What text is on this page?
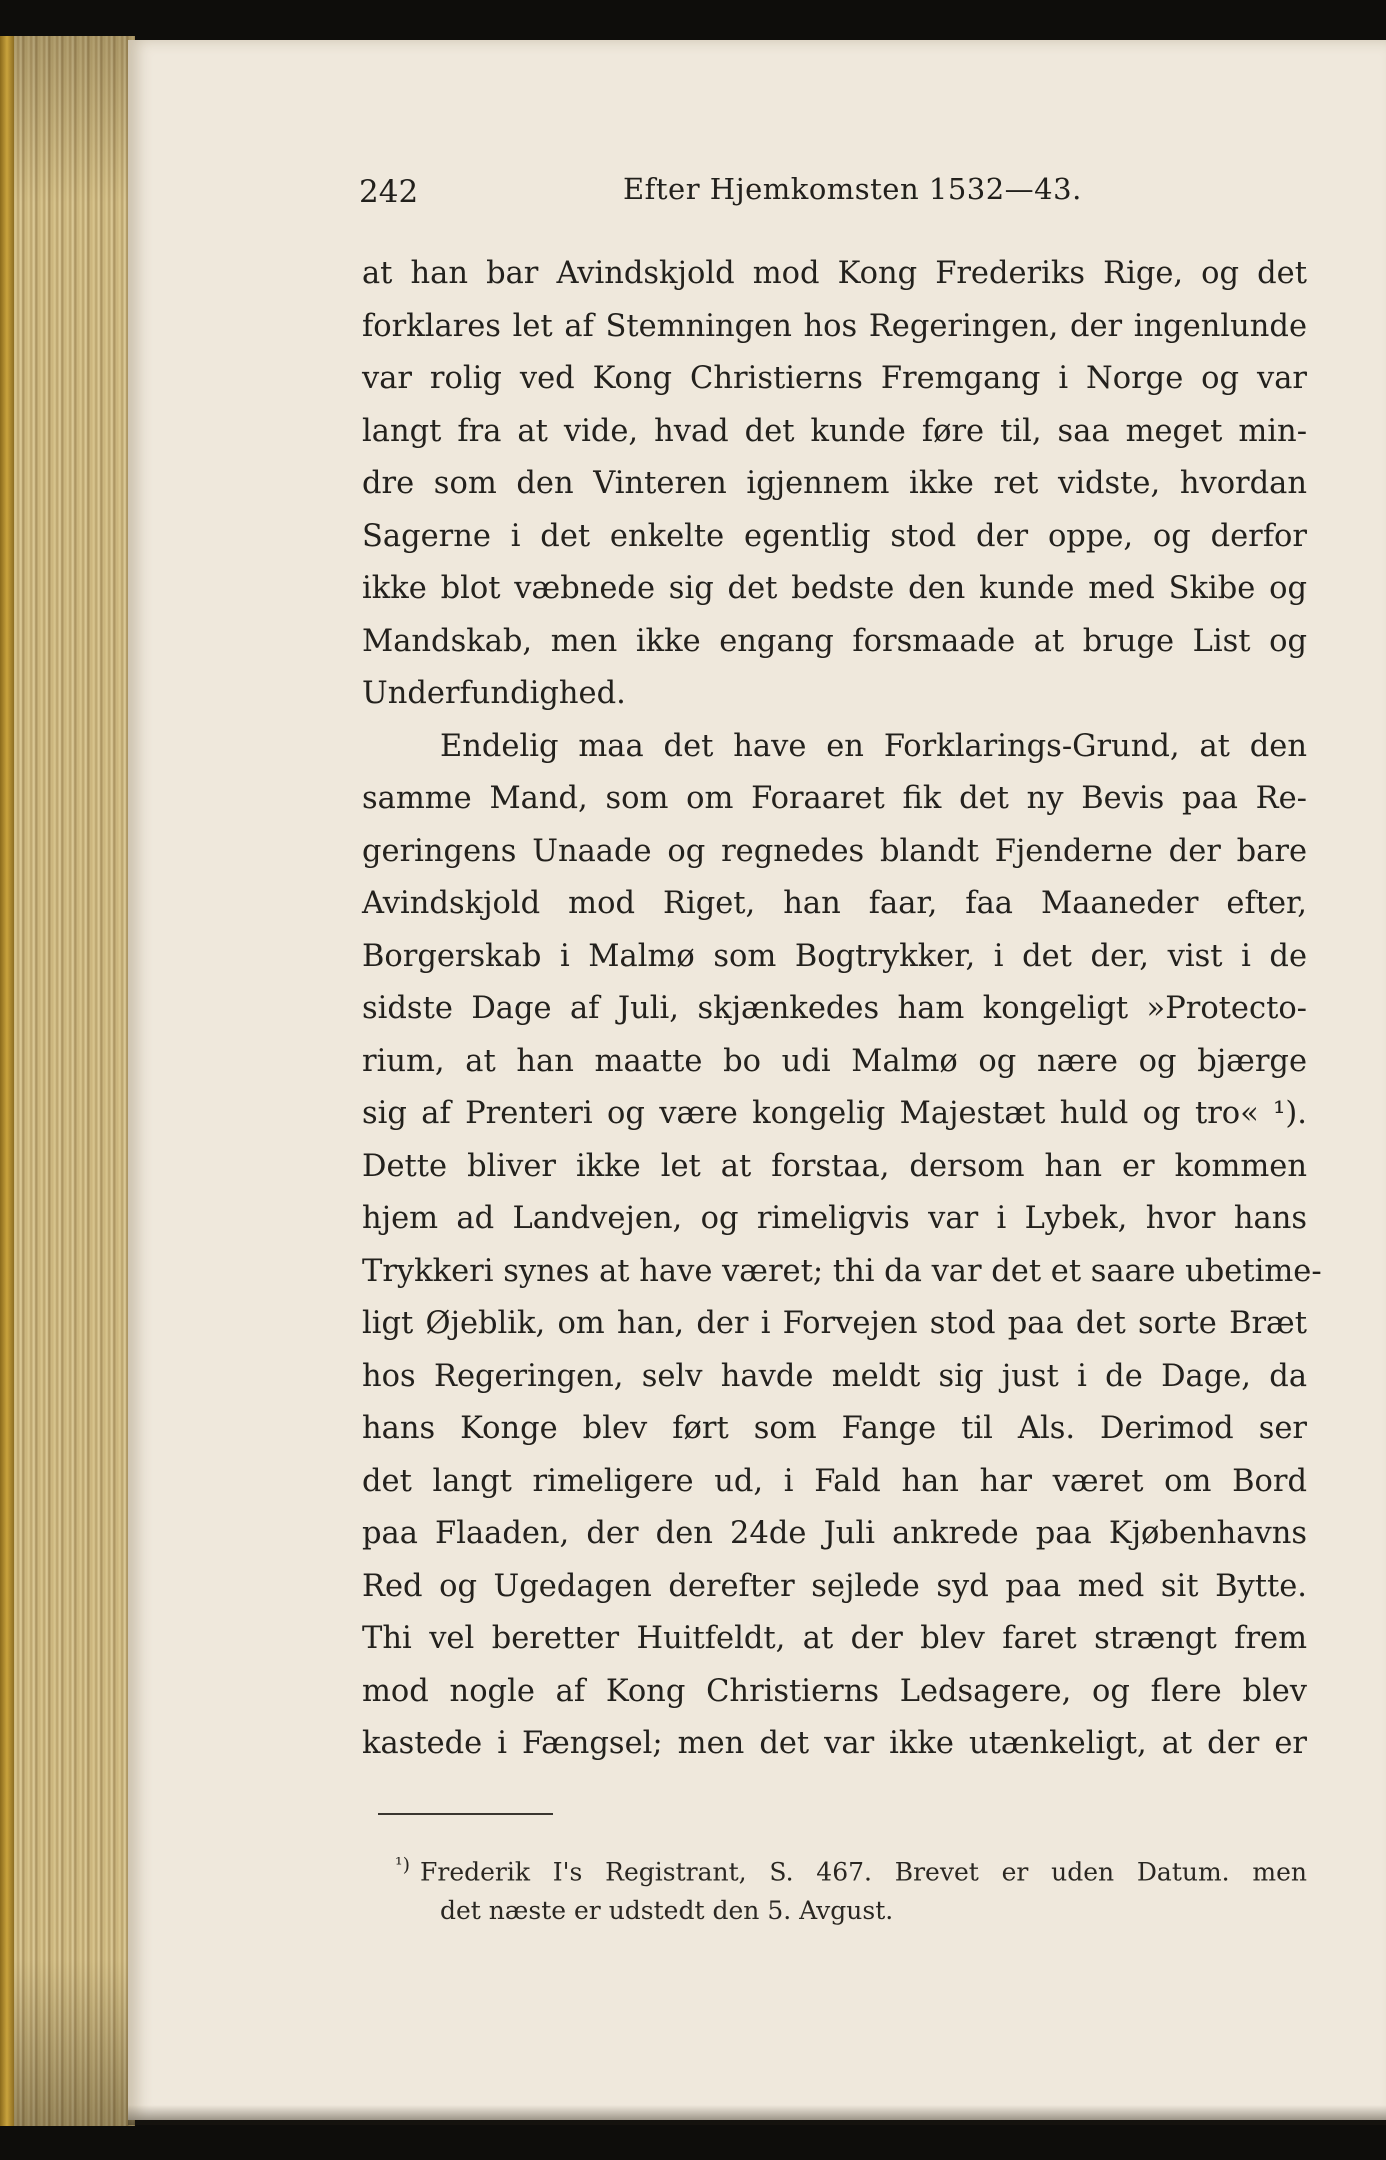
242	Efter Hjemkomsten 1532—43.
at han bar Avindskjold mod Kong Frederiks Rige, og det
forklares let af Stemningen hos Regeringen, der ingenlunde
var rolig ved Kong Christierns Fremgang i Norge og var
langt fra at vide, hvad det kunde føre til, saa meget min-
dre som den Vinteren igjennem ikke ret vidste, hvordan
Sagerne i det enkelte egentlig stod der oppe, og derfor
ikke blot væbnede sig det bedste den kunde med Skibe og
Mandskab, men ikke engang forsmaade at bruge List og
Underfundighed.
Endelig maa det have en Forklarings-Grund, at den
samme Mand, som om Foraaret fik det ny Bevis paa Re-
geringens Unaade og regnedes blandt Fjenderne der bare
Avindskjold mod Riget, han faar, faa Maaneder efter,
Borgerskab i Malmø som Bogtrykker, i det der, vist i de
sidste Dage af Juli, skjænkedes ham kongeligt »Protecto-
rium, at han maatte bo udi Malmø og nære og bjærge
sig af Prenteri og være kongelig Majestæt huld og tro« ¹).
Dette bliver ikke let at forstaa, dersom han er kommen
hjem ad Landvejen, og rimeligvis var i Lybek, hvor hans
Trykkeri synes at have været; thi da var det et saare ubetime-
ligt Øjeblik, om han, der i Forvejen stod paa det sorte Bræt
hos Regeringen, selv havde meldt sig just i de Dage, da
hans Konge blev ført som Fange til Als. Derimod ser
det langt rimeligere ud, i Fald han har været om Bord
paa Flaaden, der den 24de Juli ankrede paa Kjøbenhavns
Red og Ugedagen derefter sejlede syd paa med sit Bytte.
Thi vel beretter Huitfeldt, at der blev faret strængt frem
mod nogle af Kong Christierns Ledsagere, og flere blev
kastede i Fængsel; men det var ikke utænkeligt, at der er
$^{^1)}$ Frederik I's Registrant, S. 467. Brevet er uden Datum. men
det næste er udstedt den 5. Avgust.
